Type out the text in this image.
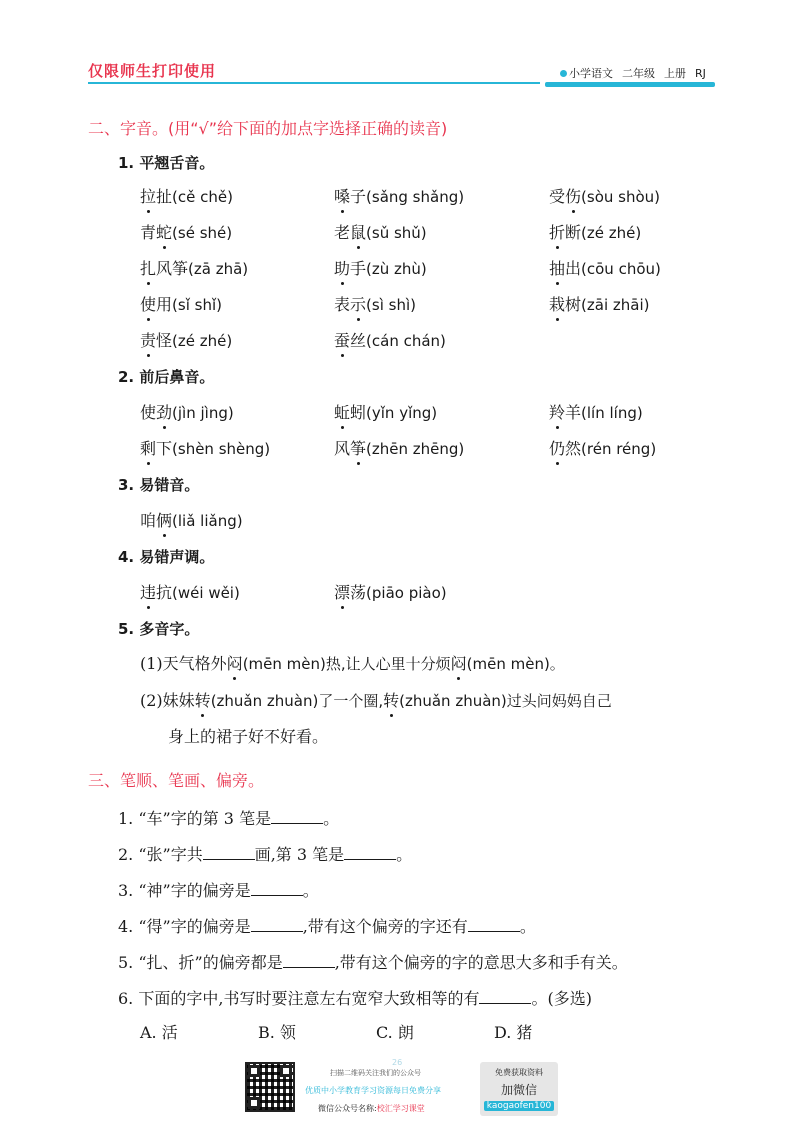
仅限师生打印使用	小学语文 二年级 上册 RJ
二、字音。(用“√”给下面的加点字选择正确的读音)
1. 平翘舌音。
拉扯(cě chě)	嗓子(sǎng shǎng)	受伤(sòu shòu)
青蛇(sé shé)	老鼠(sǔ shǔ)	折断(zé zhé)
扎风筝(zā zhā)	助手(zù zhù)	抽出(cōu chōu)
使用(sǐ shǐ)	表示(sì shì)	栽树(zāi zhāi)
责怪(zé zhé)	蚕丝(cán chán)
2. 前后鼻音。
使劲(jìn jìng)	蚯蚓(yǐn yǐng)	羚羊(lín líng)
剩下(shèn shèng)	风筝(zhēn zhēng)	仍然(rén réng)
3. 易错音。
咱俩(liǎ liǎng)
4. 易错声调。
违抗(wéi wěi)	漂荡(piāo piào)
5. 多音字。
(1)天气格外闷(mēn mèn)热,让人心里十分烦闷(mēn mèn)。
(2)妹妹转(zhuǎn zhuàn)了一个圈,转(zhuǎn zhuàn)过头问妈妈自己
身上的裙子好不好看。
三、笔顺、笔画、偏旁。
1. “车”字的第 3 笔是	。
2. “张”字共	画,第 3 笔是	。
3. “神”字的偏旁是	。
4. “得”字的偏旁是	,带有这个偏旁的字还有	。
5. “扎、折”的偏旁都是	,带有这个偏旁的字的意思大多和手有关。
6. 下面的字中,书写时要注意左右宽窄大致相等的有	。(多选)
A. 活	B. 领	C. 朗	D. 猪
26
扫描二维码关注我们的公众号
优质中小学教育学习资源每日免费分享
微信公众号名称:校汇学习课堂
免费获取资料
加微信
kaogaofen100
